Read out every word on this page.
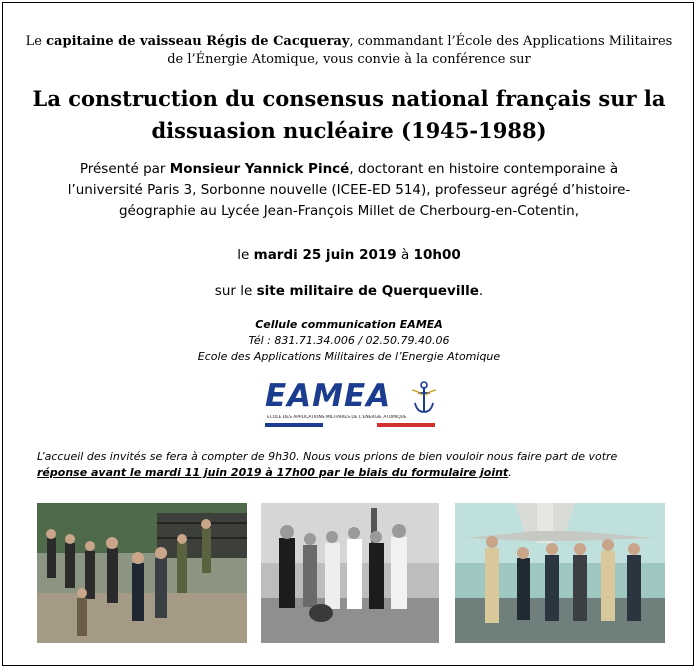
Le capitaine de vaisseau Régis de Cacqueray, commandant l’École des Applications Militaires
de l’Énergie Atomique, vous convie à la conférence sur
La construction du consensus national français sur la
dissuasion nucléaire (1945-1988)
Présenté par Monsieur Yannick Pincé, doctorant en histoire contemporaine à
l’université Paris 3, Sorbonne nouvelle (ICEE-ED 514), professeur agrégé d’histoire-
géographie au Lycée Jean-François Millet de Cherbourg-en-Cotentin,
le mardi 25 juin 2019 à 10h00
sur le site militaire de Querqueville.
Cellule communication EAMEA
Tél : 831.71.34.006 / 02.50.79.40.06
Ecole des Applications Militaires de l’Energie Atomique
EAMEA
ÉCOLE DES APPLICATIONS MILITAIRES DE L'ÉNERGIE ATOMIQUE
L’accueil des invités se fera à compter de 9h30. Nous vous prions de bien vouloir nous faire part de votre
réponse avant le mardi 11 juin 2019 à 17h00 par le biais du formulaire joint.
